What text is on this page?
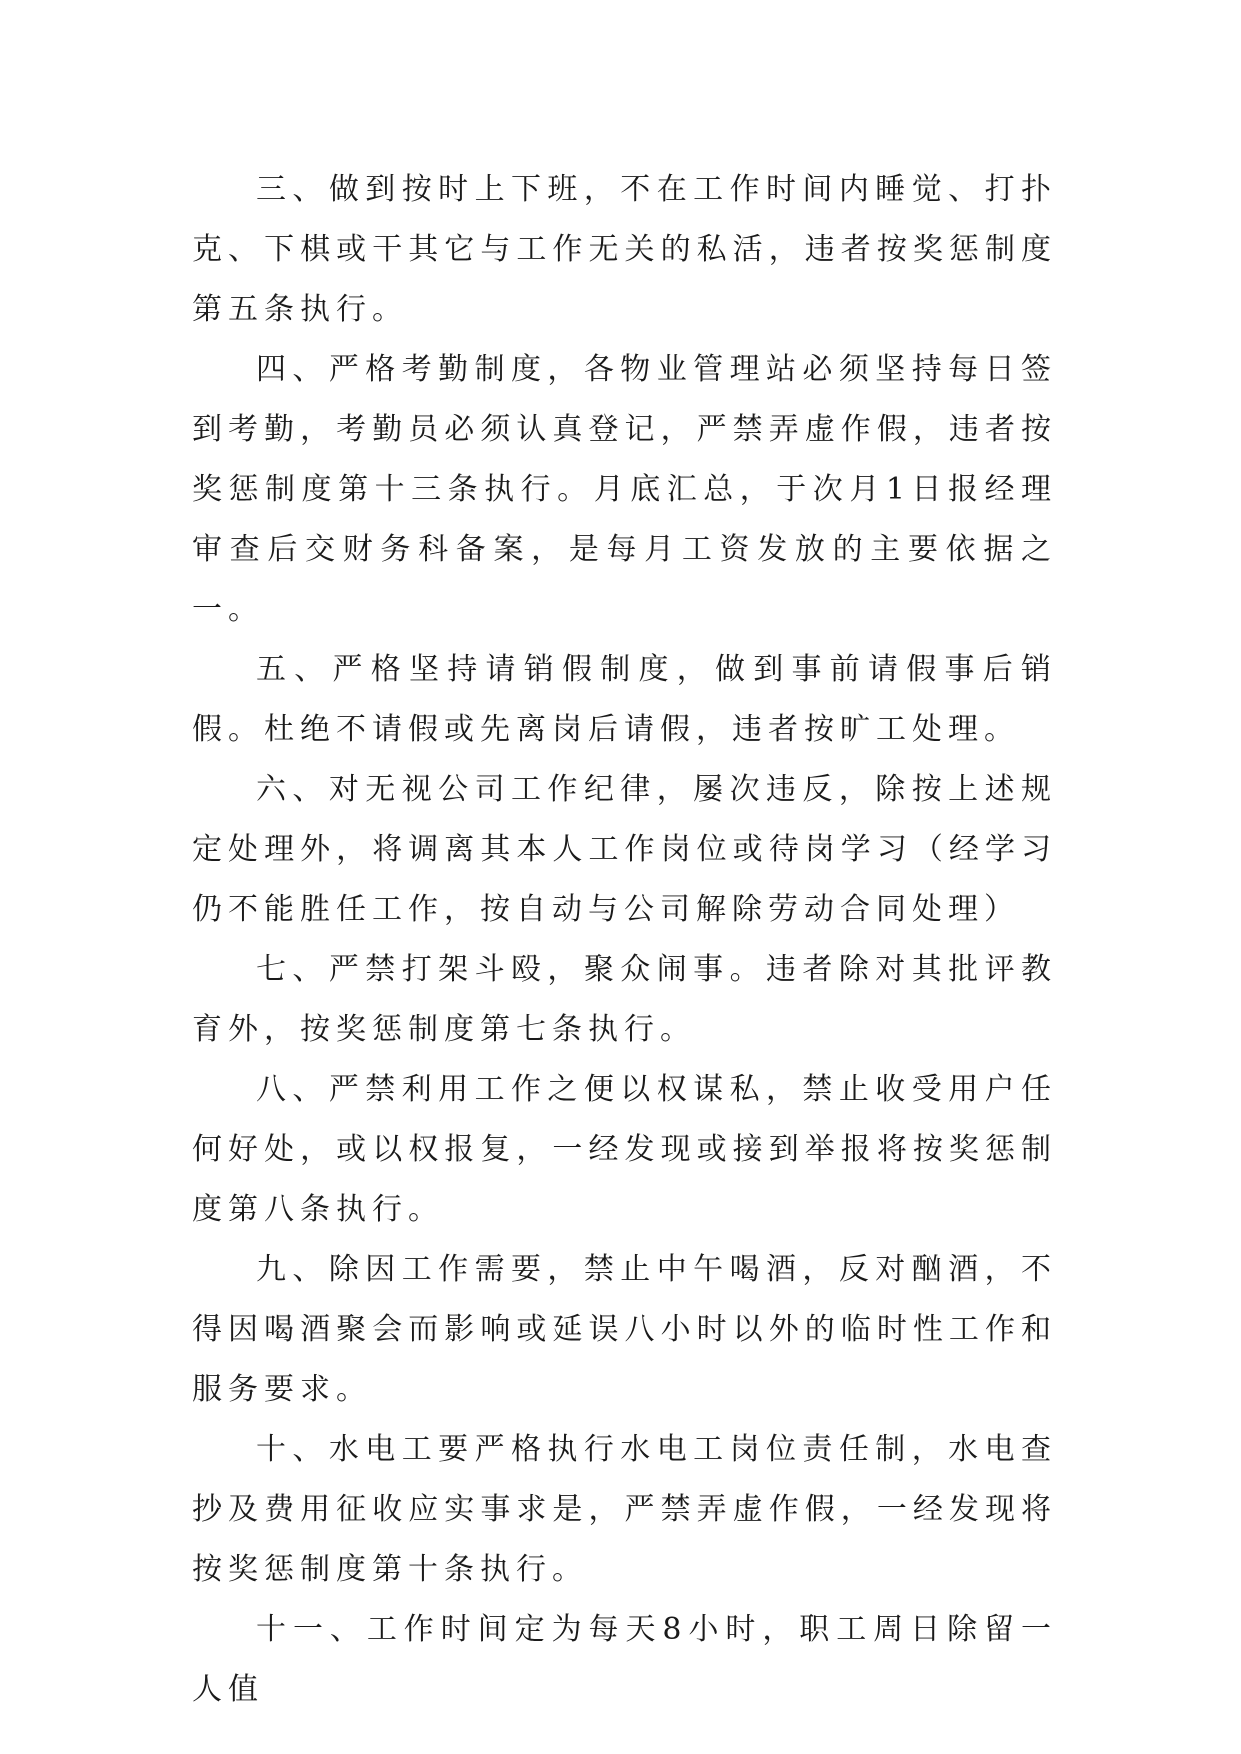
三、做到按时上下班，不在工作时间内睡觉、打扑克、下棋或干其它与工作无关的私活，违者按奖惩制度第五条执行。

四、严格考勤制度，各物业管理站必须坚持每日签到考勤，考勤员必须认真登记，严禁弄虚作假，违者按奖惩制度第十三条执行。月底汇总，于次月1日报经理审查后交财务科备案，是每月工资发放的主要依据之一。

五、严格坚持请销假制度，做到事前请假事后销假。杜绝不请假或先离岗后请假，违者按旷工处理。

六、对无视公司工作纪律，屡次违反，除按上述规定处理外，将调离其本人工作岗位或待岗学习（经学习仍不能胜任工作，按自动与公司解除劳动合同处理）

七、严禁打架斗殴，聚众闹事。违者除对其批评教育外，按奖惩制度第七条执行。

八、严禁利用工作之便以权谋私，禁止收受用户任何好处，或以权报复，一经发现或接到举报将按奖惩制度第八条执行。

九、除因工作需要，禁止中午喝酒，反对酗酒，不得因喝酒聚会而影响或延误八小时以外的临时性工作和服务要求。

十、水电工要严格执行水电工岗位责任制，水电查抄及费用征收应实事求是，严禁弄虚作假，一经发现将按奖惩制度第十条执行。

十一、工作时间定为每天8小时，职工周日除留一人值
